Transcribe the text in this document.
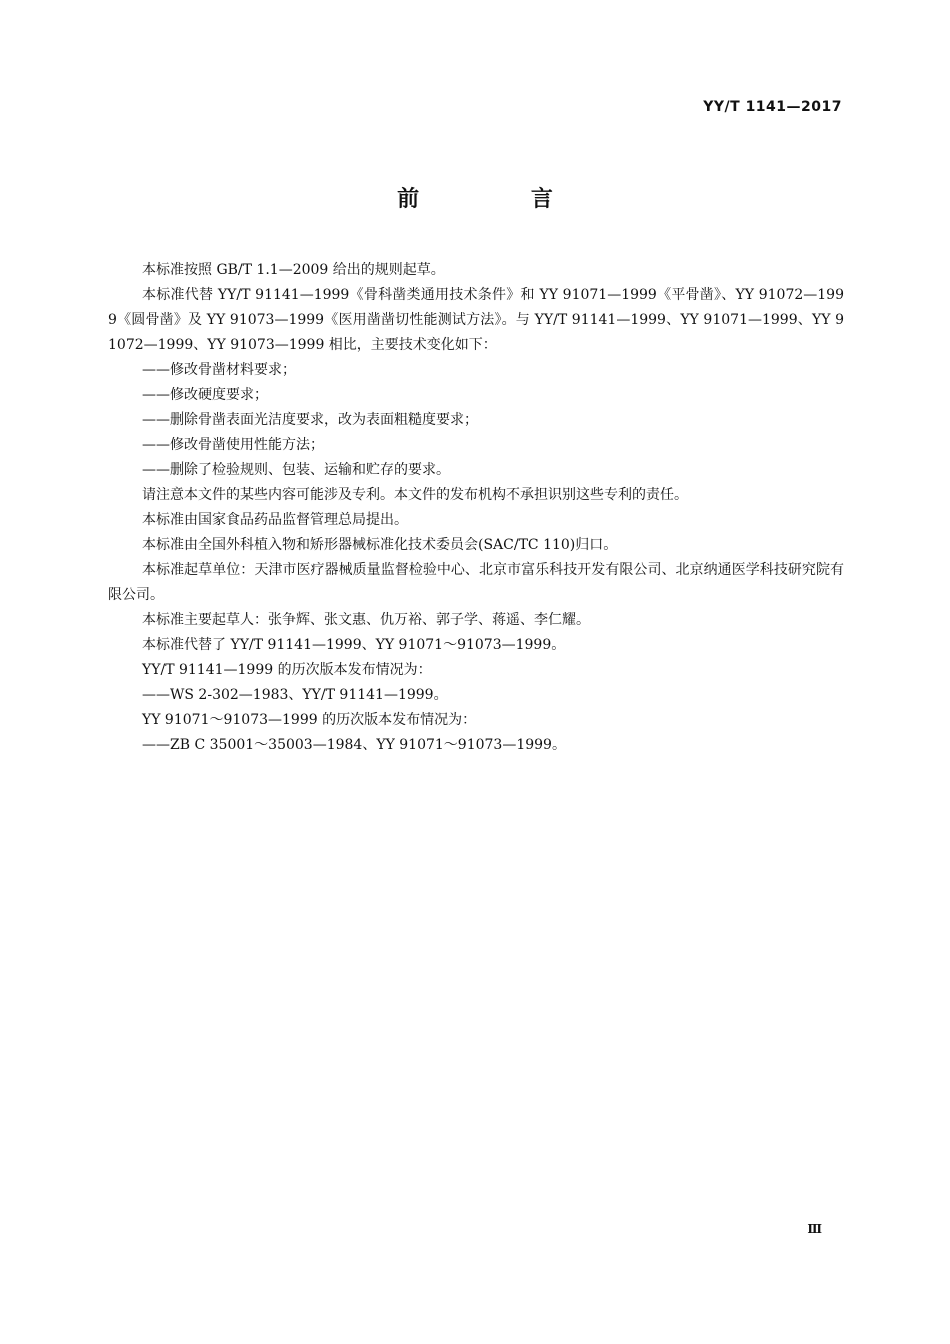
YY/T 1141—2017
前 言

本标准按照 GB/T 1.1—2009 给出的规则起草。

本标准代替 YY/T 91141—1999《骨科凿类通用技术条件》和 YY 91071—1999《平骨凿》、YY 91072—1999《圆骨凿》及 YY 91073—1999《医用凿凿切性能测试方法》。与 YY/T 91141—1999、YY 91071—1999、YY 91072—1999、YY 91073—1999 相比，主要技术变化如下：

——修改骨凿材料要求；

——修改硬度要求；

——删除骨凿表面光洁度要求，改为表面粗糙度要求；

——修改骨凿使用性能方法；

——删除了检验规则、包装、运输和贮存的要求。

请注意本文件的某些内容可能涉及专利。本文件的发布机构不承担识别这些专利的责任。

本标准由国家食品药品监督管理总局提出。

本标准由全国外科植入物和矫形器械标准化技术委员会(SAC/TC 110)归口。

本标准起草单位：天津市医疗器械质量监督检验中心、北京市富乐科技开发有限公司、北京纳通医学科技研究院有限公司。

本标准主要起草人：张争辉、张文惠、仇万裕、郭子学、蒋遥、李仁耀。

本标准代替了 YY/T 91141—1999、YY 91071～91073—1999。

YY/T 91141—1999 的历次版本发布情况为：

——WS 2-302—1983、YY/T 91141—1999。

YY 91071～91073—1999 的历次版本发布情况为：

——ZB C 35001～35003—1984、YY 91071～91073—1999。

Ⅲ
